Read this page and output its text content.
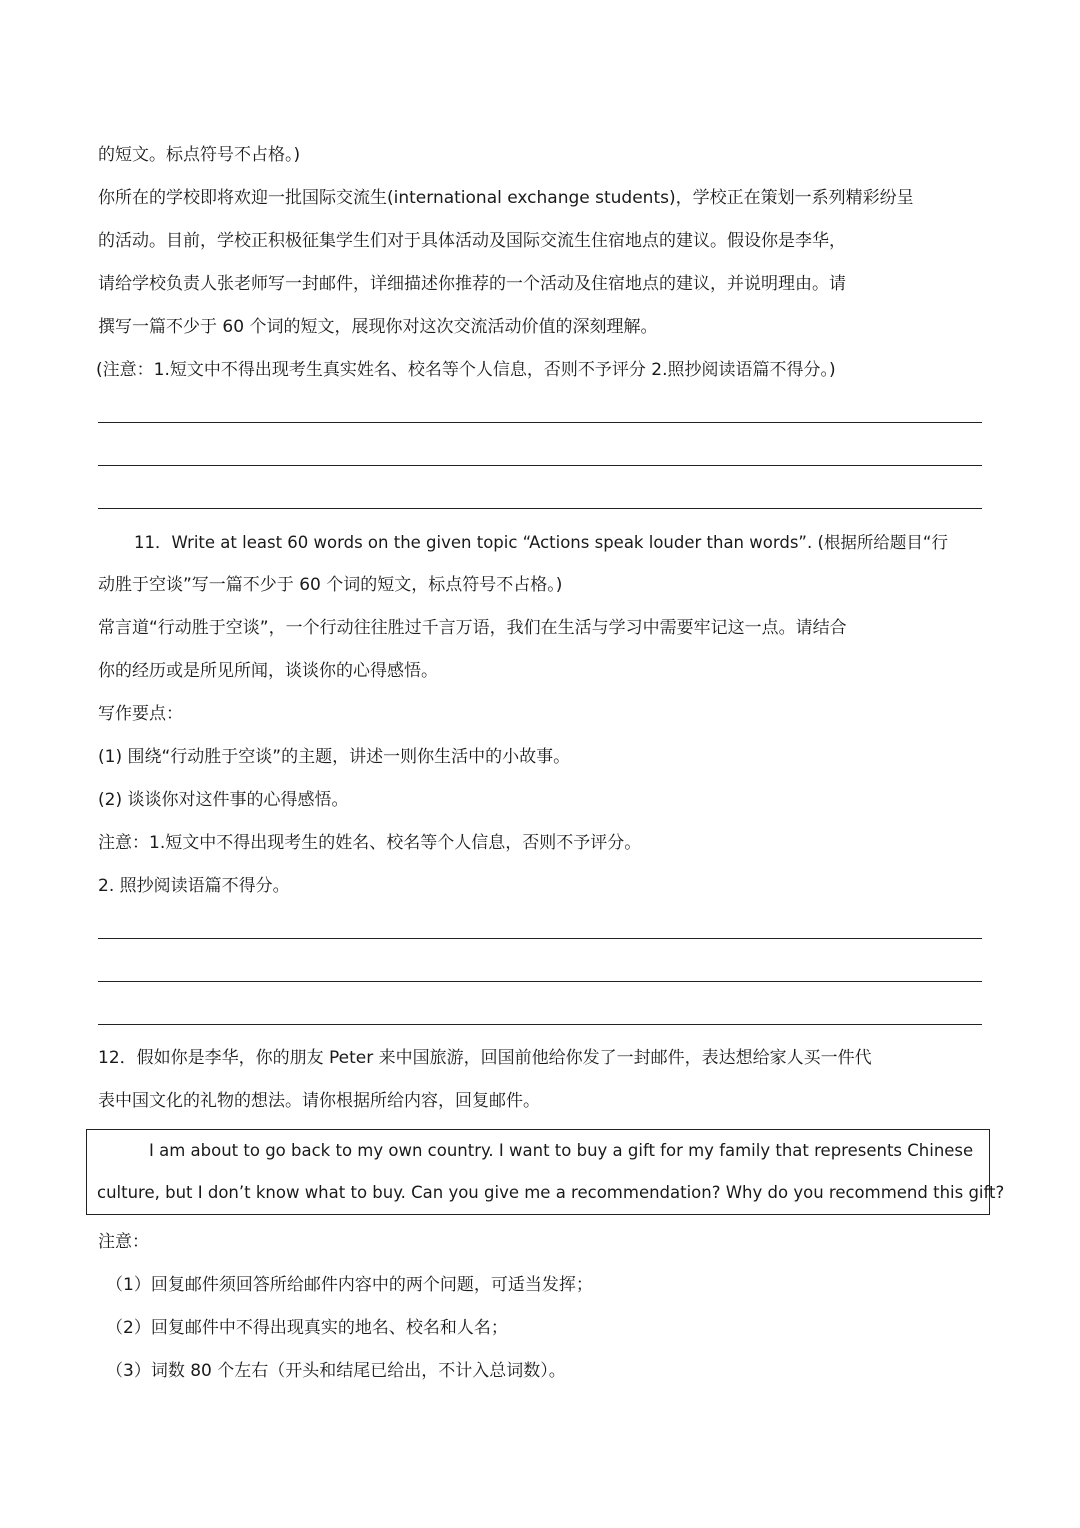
的短文。标点符号不占格。)
你所在的学校即将欢迎一批国际交流生(international exchange students)，学校正在策划一系列精彩纷呈
的活动。目前，学校正积极征集学生们对于具体活动及国际交流生住宿地点的建议。假设你是李华，
请给学校负责人张老师写一封邮件，详细描述你推荐的一个活动及住宿地点的建议，并说明理由。请
撰写一篇不少于 60 个词的短文，展现你对这次交流活动价值的深刻理解。
(注意：1.短文中不得出现考生真实姓名、校名等个人信息，否则不予评分 2.照抄阅读语篇不得分。)
11．Write at least 60 words on the given topic “Actions speak louder than words”. (根据所给题目“行
动胜于空谈”写一篇不少于 60 个词的短文，标点符号不占格。)
常言道“行动胜于空谈”，一个行动往往胜过千言万语，我们在生活与学习中需要牢记这一点。请结合
你的经历或是所见所闻，谈谈你的心得感悟。
写作要点：
(1) 围绕“行动胜于空谈”的主题，讲述一则你生活中的小故事。
(2) 谈谈你对这件事的心得感悟。
注意：1.短文中不得出现考生的姓名、校名等个人信息，否则不予评分。
2. 照抄阅读语篇不得分。
12．假如你是李华，你的朋友 Peter 来中国旅游，回国前他给你发了一封邮件，表达想给家人买一件代
表中国文化的礼物的想法。请你根据所给内容，回复邮件。
I am about to go back to my own country. I want to buy a gift for my family that represents Chinese
culture, but I don’t know what to buy. Can you give me a recommendation? Why do you recommend this gift?
注意：
（1）回复邮件须回答所给邮件内容中的两个问题，可适当发挥；
（2）回复邮件中不得出现真实的地名、校名和人名；
（3）词数 80 个左右（开头和结尾已给出，不计入总词数）。
